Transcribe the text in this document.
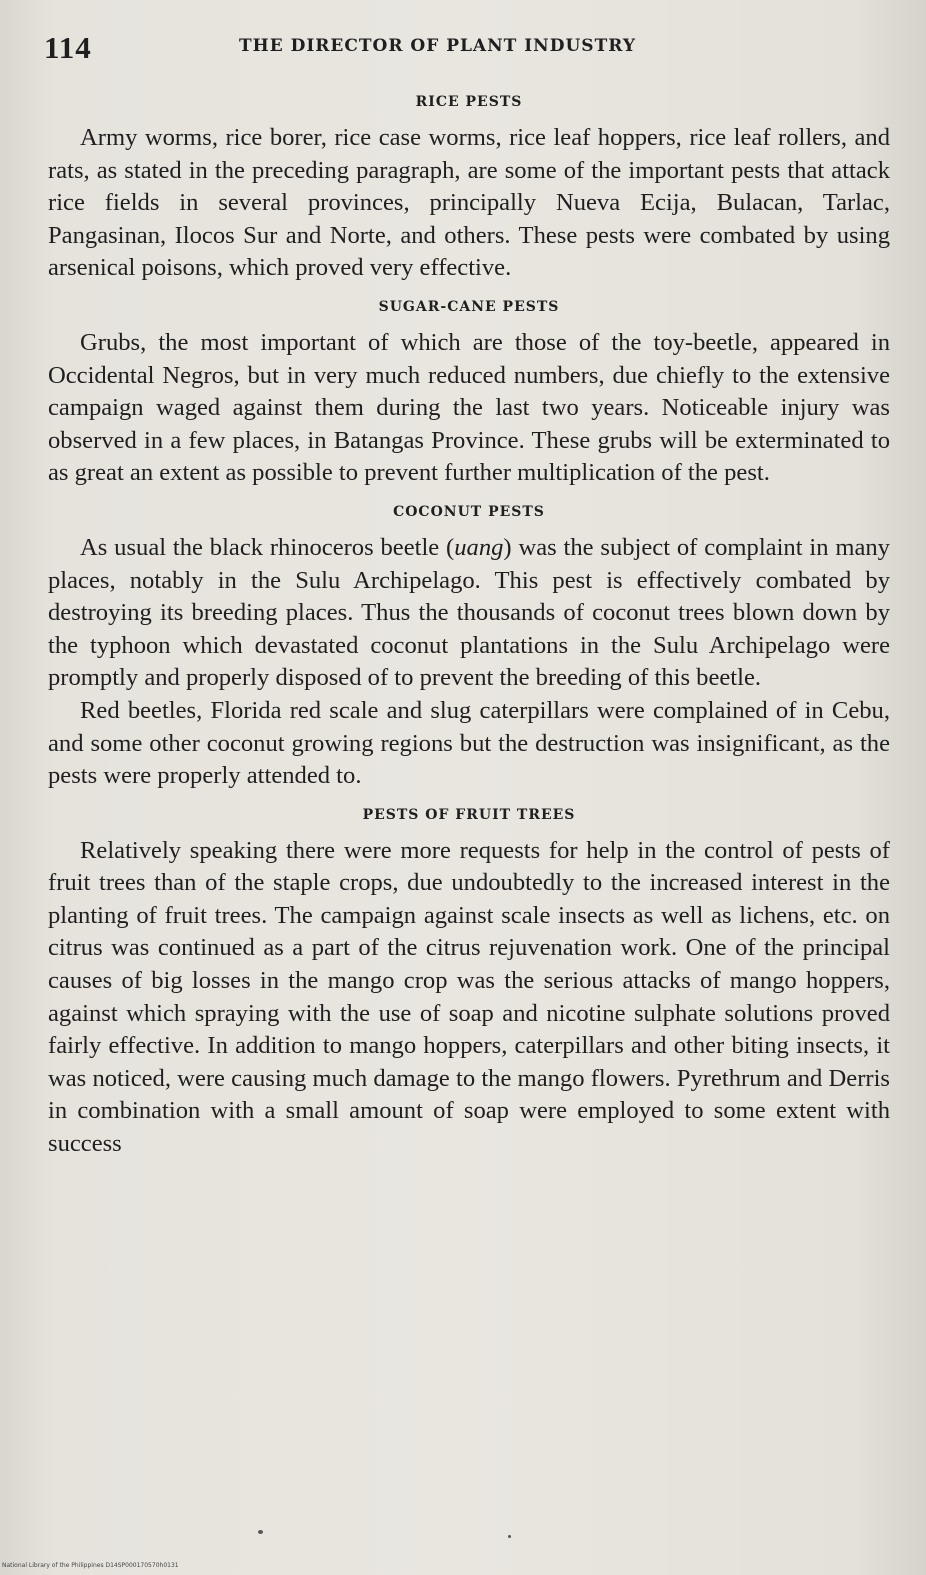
114	THE DIRECTOR OF PLANT INDUSTRY
RICE PESTS

Army worms, rice borer, rice case worms, rice leaf hoppers, rice leaf rollers, and rats, as stated in the preceding paragraph, are some of the important pests that attack rice fields in several provinces, principally Nueva Ecija, Bulacan, Tarlac, Pangasinan, Ilocos Sur and Norte, and others. These pests were combated by using arsenical poisons, which proved very effective.

SUGAR-CANE PESTS

Grubs, the most important of which are those of the toy-beetle, appeared in Occidental Negros, but in very much reduced numbers, due chiefly to the extensive campaign waged against them during the last two years. Noticeable injury was observed in a few places, in Batangas Province. These grubs will be exterminated to as great an extent as possible to prevent further multiplication of the pest.

COCONUT PESTS

As usual the black rhinoceros beetle (uang) was the subject of complaint in many places, notably in the Sulu Archipelago. This pest is effectively combated by destroying its breeding places. Thus the thousands of coconut trees blown down by the typhoon which devastated coconut plantations in the Sulu Archipelago were promptly and properly disposed of to prevent the breeding of this beetle.

Red beetles, Florida red scale and slug caterpillars were complained of in Cebu, and some other coconut growing regions but the destruction was insignificant, as the pests were properly attended to.

PESTS OF FRUIT TREES

Relatively speaking there were more requests for help in the control of pests of fruit trees than of the staple crops, due undoubtedly to the increased interest in the planting of fruit trees. The campaign against scale insects as well as lichens, etc. on citrus was continued as a part of the citrus rejuvenation work. One of the principal causes of big losses in the mango crop was the serious attacks of mango hoppers, against which spraying with the use of soap and nicotine sulphate solutions proved fairly effective. In addition to mango hoppers, caterpillars and other biting insects, it was noticed, were causing much damage to the mango flowers. Pyrethrum and Derris in combination with a small amount of soap were employed to some extent with success

National Library of the Philippines D14SP000170570h0131
